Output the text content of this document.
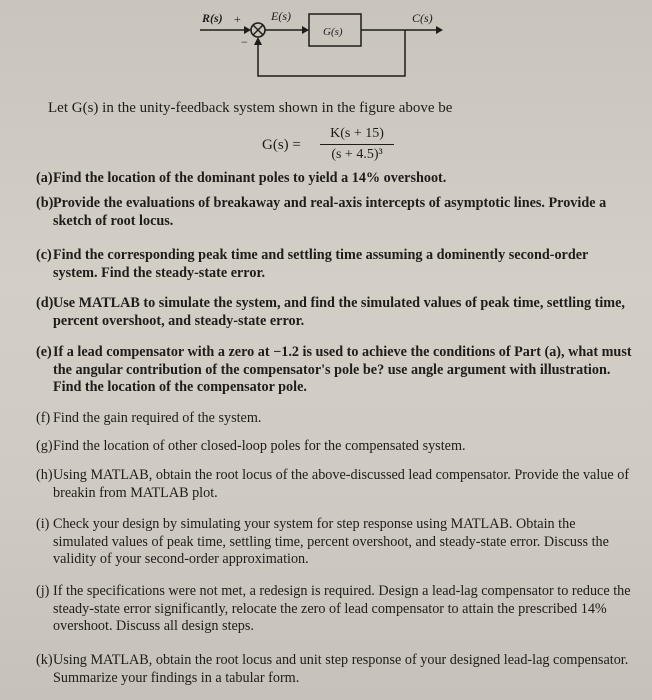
R(s) +
−
E(s)
G(s)
C(s)
Let G(s) in the unity-feedback system shown in the figure above be
G(s) =
K(s + 15)
(s + 4.5)³
(a) Find the location of the dominant poles to yield a 14% overshoot.
(b) Provide the evaluations of breakaway and real-axis intercepts of asymptotic lines. Provide a sketch of root locus.
(c) Find the corresponding peak time and settling time assuming a dominently second-order system. Find the steady-state error.
(d) Use MATLAB to simulate the system, and find the simulated values of peak time, settling time, percent overshoot, and steady-state error.
(e) If a lead compensator with a zero at −1.2 is used to achieve the conditions of Part (a), what must the angular contribution of the compensator's pole be? use angle argument with illustration. Find the location of the compensator pole.
(f) Find the gain required of the system.
(g) Find the location of other closed-loop poles for the compensated system.
(h) Using MATLAB, obtain the root locus of the above-discussed lead compensator. Provide the value of breakin from MATLAB plot.
(i) Check your design by simulating your system for step response using MATLAB. Obtain the simulated values of peak time, settling time, percent overshoot, and steady-state error. Discuss the validity of your second-order approximation.
(j) If the specifications were not met, a redesign is required. Design a lead-lag compensator to reduce the steady-state error significantly, relocate the zero of lead compensator to attain the prescribed 14% overshoot. Discuss all design steps.
(k) Using MATLAB, obtain the root locus and unit step response of your designed lead-lag compensator. Summarize your findings in a tabular form.
